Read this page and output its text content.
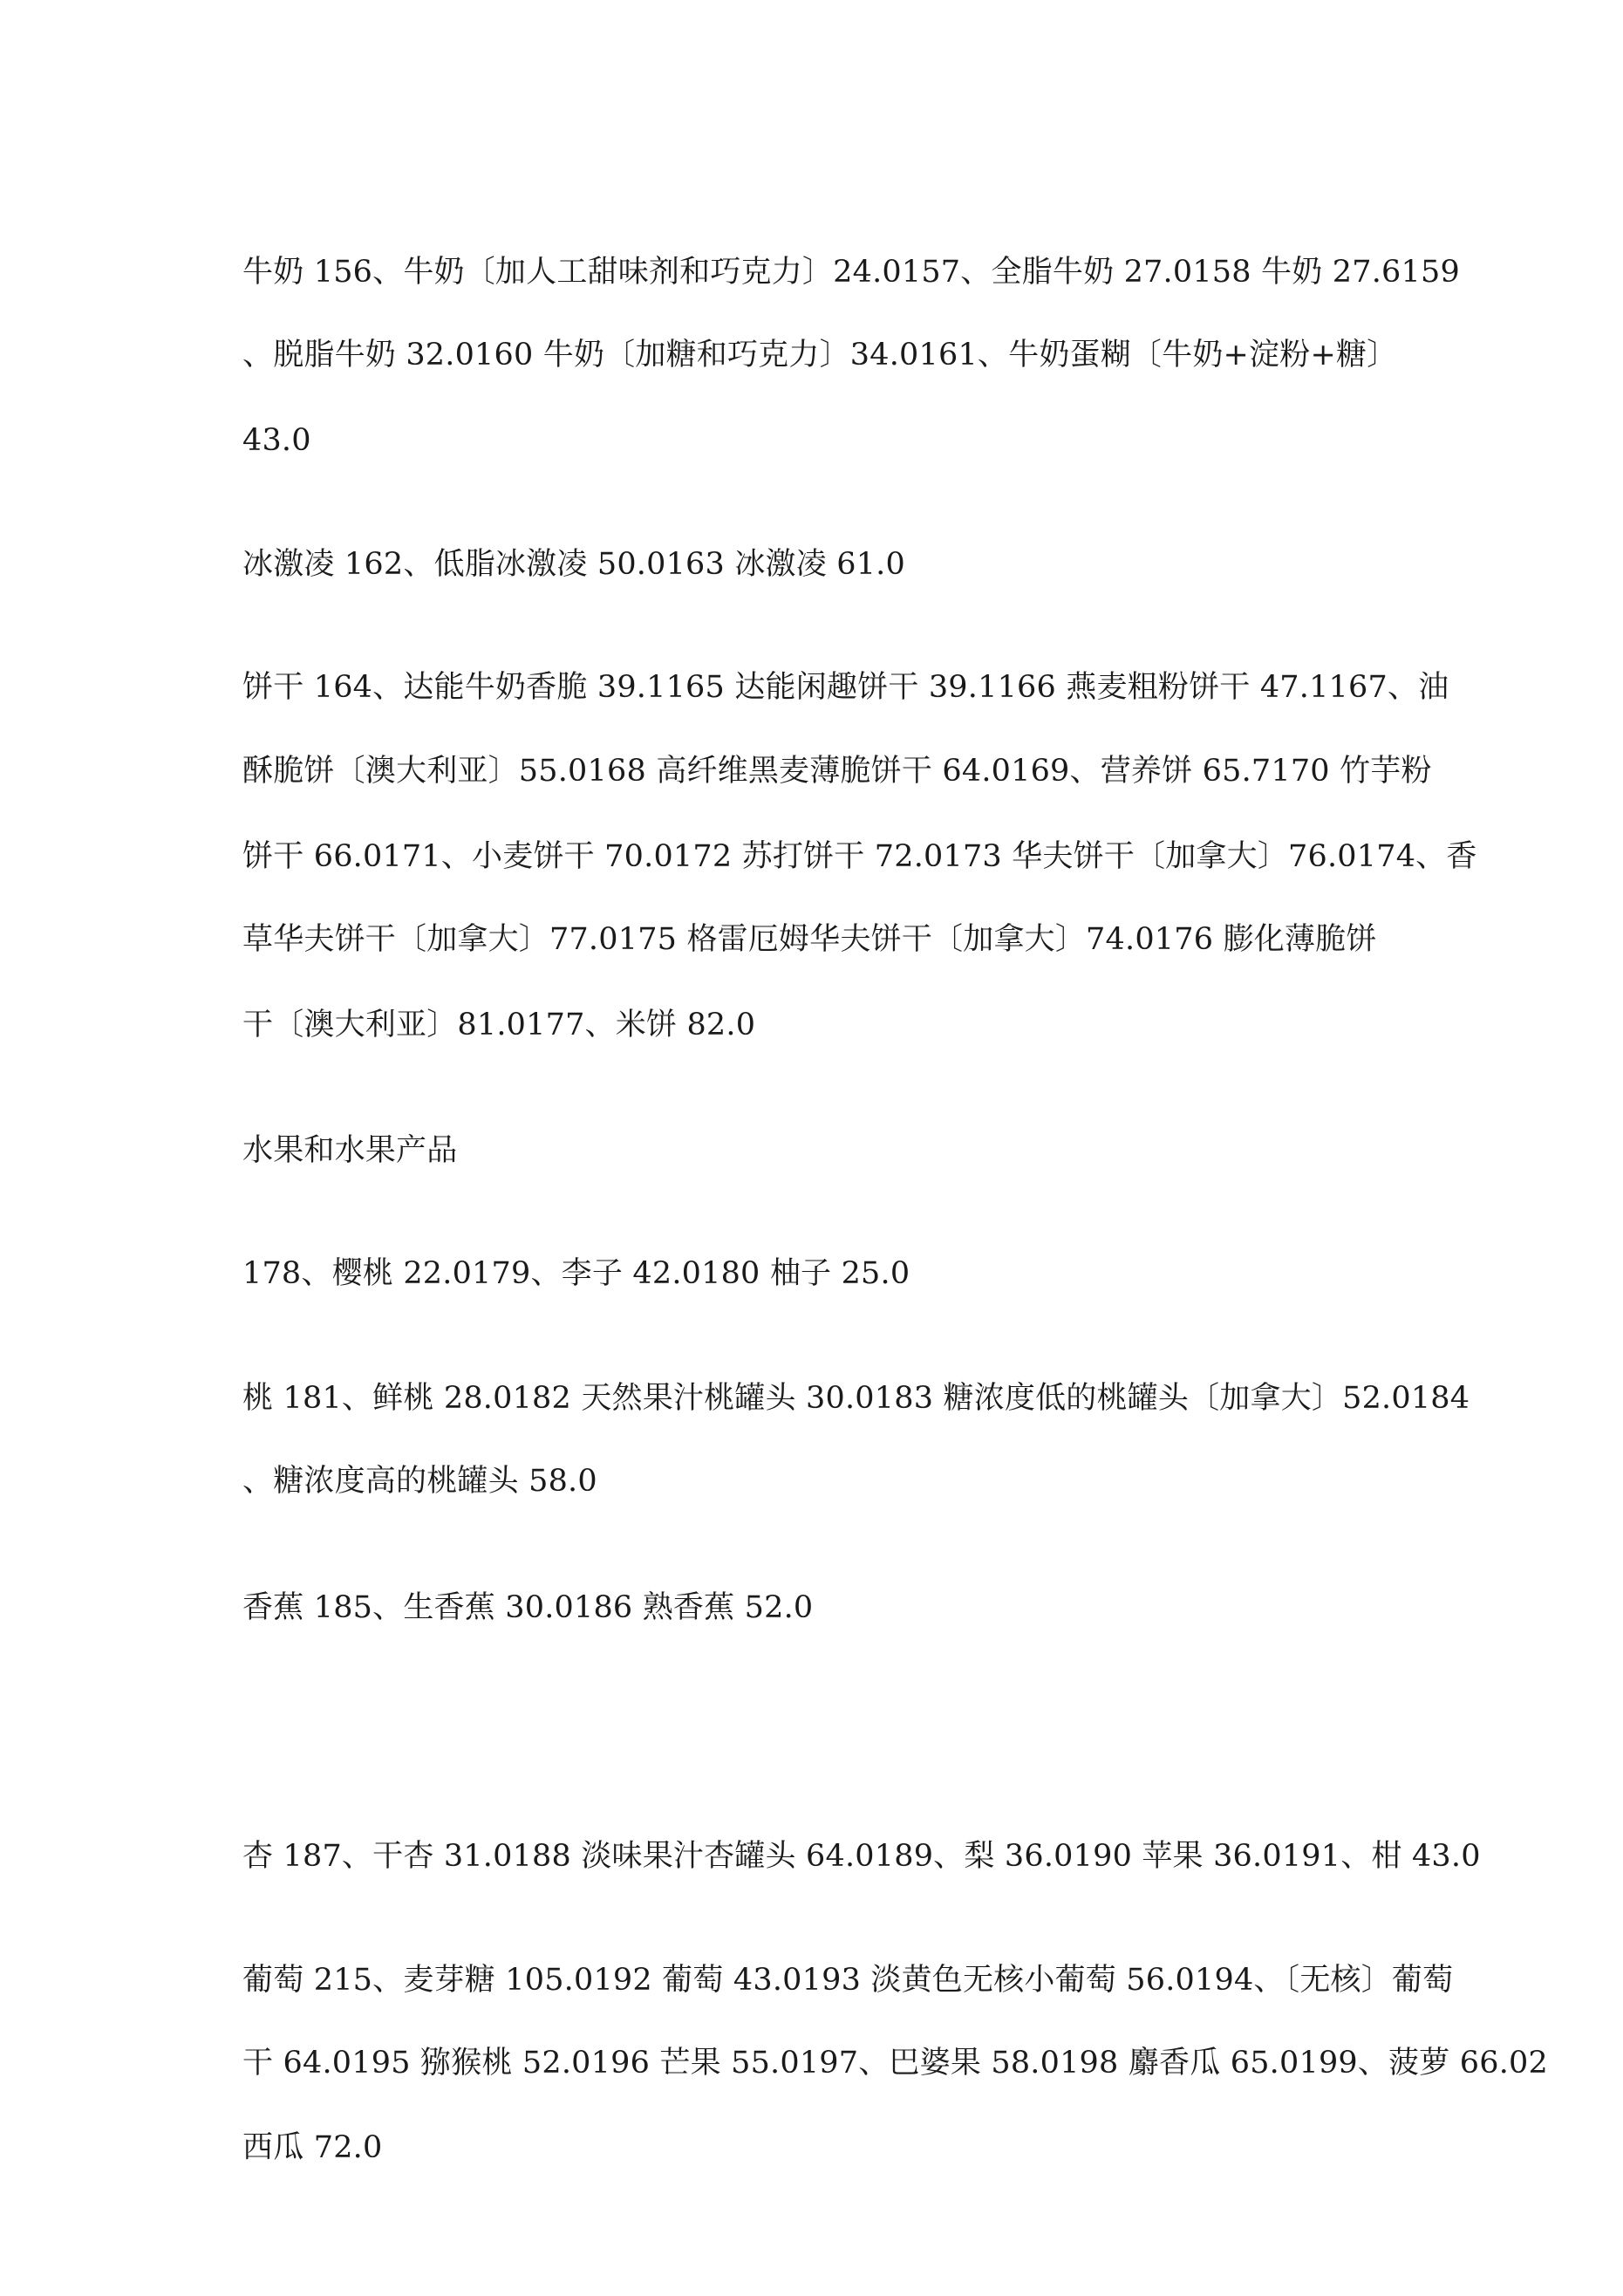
牛奶 156、牛奶〔加人工甜味剂和巧克力〕24.0157、全脂牛奶 27.0158 牛奶 27.6159
、脱脂牛奶 32.0160 牛奶〔加糖和巧克力〕34.0161、牛奶蛋糊〔牛奶+淀粉+糖〕
43.0
冰激凌 162、低脂冰激凌 50.0163 冰激凌 61.0
饼干 164、达能牛奶香脆 39.1165 达能闲趣饼干 39.1166 燕麦粗粉饼干 47.1167、油
酥脆饼〔澳大利亚〕55.0168 高纤维黑麦薄脆饼干 64.0169、营养饼 65.7170 竹芋粉
饼干 66.0171、小麦饼干 70.0172 苏打饼干 72.0173 华夫饼干〔加拿大〕76.0174、香
草华夫饼干〔加拿大〕77.0175 格雷厄姆华夫饼干〔加拿大〕74.0176 膨化薄脆饼
干〔澳大利亚〕81.0177、米饼 82.0
水果和水果产品
178、樱桃 22.0179、李子 42.0180 柚子 25.0
桃 181、鲜桃 28.0182 天然果汁桃罐头 30.0183 糖浓度低的桃罐头〔加拿大〕52.0184
、糖浓度高的桃罐头 58.0
香蕉 185、生香蕉 30.0186 熟香蕉 52.0
杏 187、干杏 31.0188 淡味果汁杏罐头 64.0189、梨 36.0190 苹果 36.0191、柑 43.0
葡萄 215、麦芽糖 105.0192 葡萄 43.0193 淡黄色无核小葡萄 56.0194、〔无核〕葡萄
干 64.0195 猕猴桃 52.0196 芒果 55.0197、巴婆果 58.0198 麝香瓜 65.0199、菠萝 66.02
西瓜 72.0
